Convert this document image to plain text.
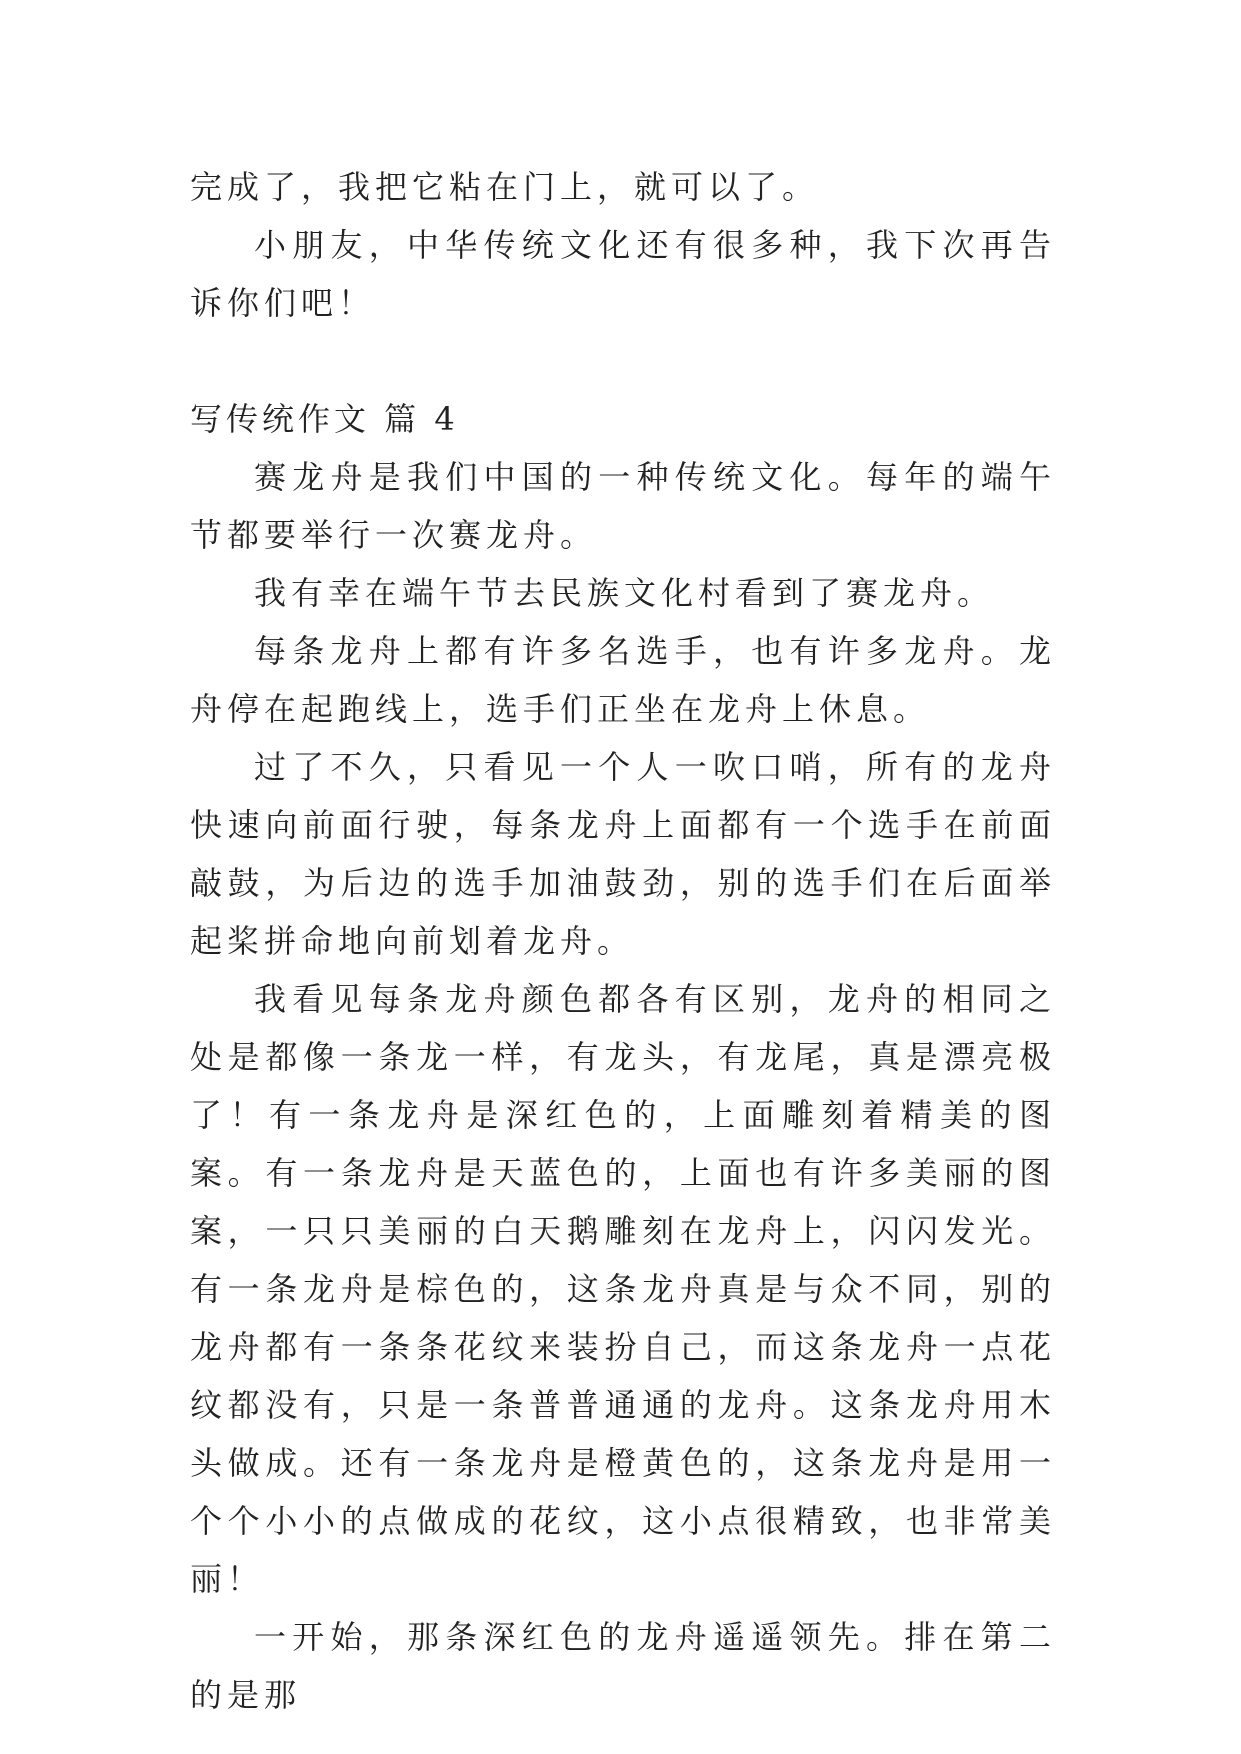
完成了，我把它粘在门上，就可以了。

小朋友，中华传统文化还有很多种，我下次再告诉你们吧！

写传统作文 篇 4

赛龙舟是我们中国的一种传统文化。每年的端午节都要举行一次赛龙舟。

我有幸在端午节去民族文化村看到了赛龙舟。

每条龙舟上都有许多名选手，也有许多龙舟。龙舟停在起跑线上，选手们正坐在龙舟上休息。

过了不久，只看见一个人一吹口哨，所有的龙舟快速向前面行驶，每条龙舟上面都有一个选手在前面敲鼓，为后边的选手加油鼓劲，别的选手们在后面举起桨拼命地向前划着龙舟。

我看见每条龙舟颜色都各有区别，龙舟的相同之处是都像一条龙一样，有龙头，有龙尾，真是漂亮极了！有一条龙舟是深红色的，上面雕刻着精美的图案。有一条龙舟是天蓝色的，上面也有许多美丽的图案，一只只美丽的白天鹅雕刻在龙舟上，闪闪发光。有一条龙舟是棕色的，这条龙舟真是与众不同，别的龙舟都有一条条花纹来装扮自己，而这条龙舟一点花纹都没有，只是一条普普通通的龙舟。这条龙舟用木头做成。还有一条龙舟是橙黄色的，这条龙舟是用一个个小小的点做成的花纹，这小点很精致，也非常美丽！

一开始，那条深红色的龙舟遥遥领先。排在第二的是那
